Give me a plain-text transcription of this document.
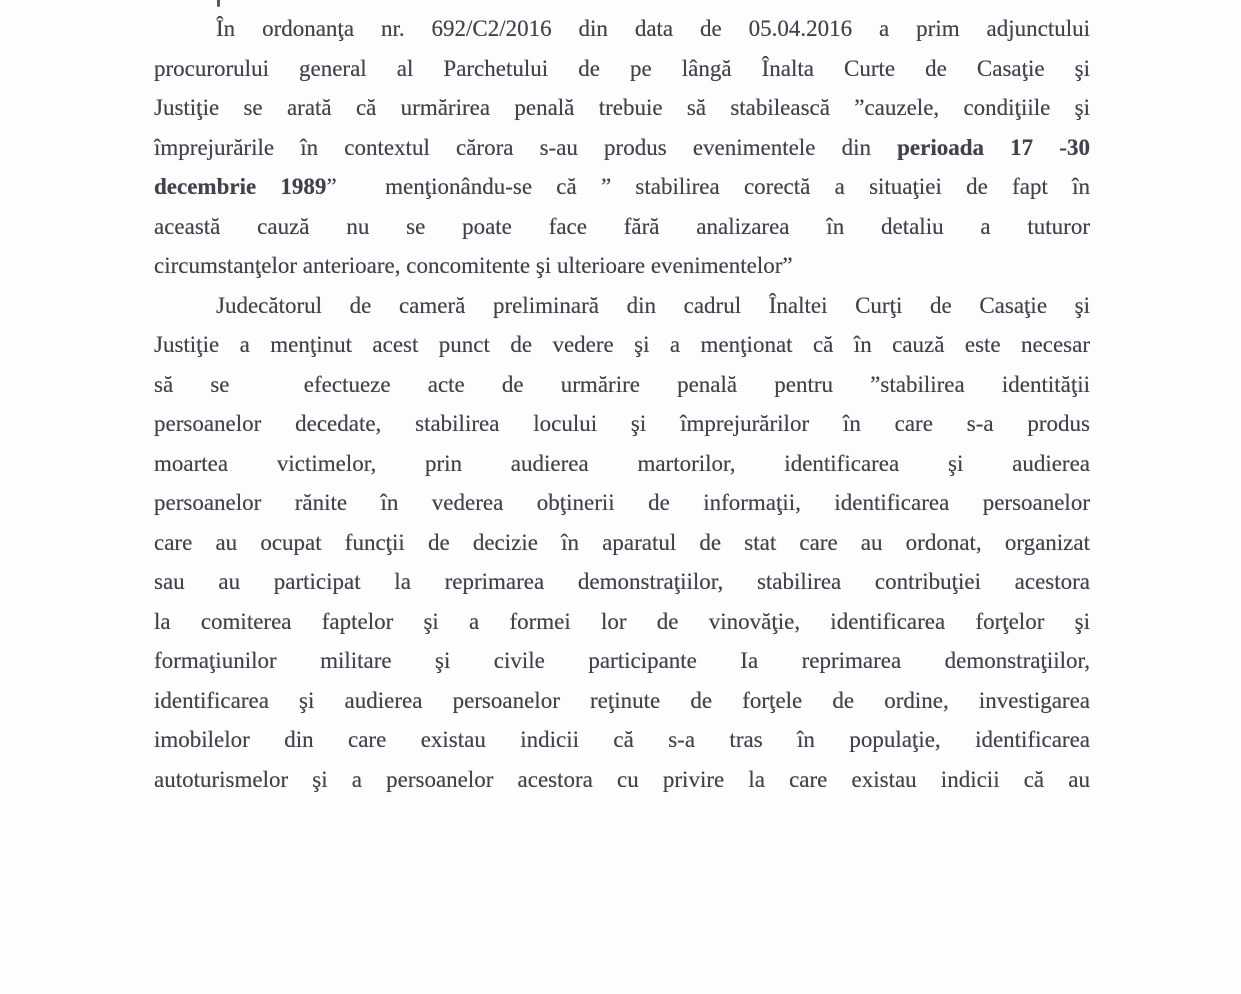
În ordonanţa nr. 692/C2/2016 din data de 05.04.2016 a prim adjunctului
procurorului general al Parchetului de pe lângă Înalta Curte de Casaţie şi
Justiţie se arată că urmărirea penală trebuie să stabilească ”cauzele, condiţiile şi
împrejurările în contextul cărora s-au produs evenimentele din perioada 17 -30
decembrie 1989”  menţionându-se că ” stabilirea corectă a situaţiei de fapt în
această cauză nu se poate face fără analizarea în detaliu a tuturor
circumstanţelor anterioare, concomitente şi ulterioare evenimentelor”
Judecătorul de cameră preliminară din cadrul Înaltei Curţi de Casaţie şi
Justiţie a menţinut acest punct de vedere şi a menţionat că în cauză este necesar
să se  efectueze acte de urmărire penală pentru ”stabilirea identităţii
persoanelor decedate, stabilirea locului şi împrejurărilor în care s-a produs
moartea victimelor, prin audierea martorilor, identificarea şi audierea
persoanelor rănite în vederea obţinerii de informaţii, identificarea persoanelor
care au ocupat funcţii de decizie în aparatul de stat care au ordonat, organizat
sau au participat la reprimarea demonstraţiilor, stabilirea contribuţiei acestora
la comiterea faptelor şi a formei lor de vinovăţie, identificarea forţelor şi
formaţiunilor militare şi civile participante Ia reprimarea demonstraţiilor,
identificarea şi audierea persoanelor reţinute de forţele de ordine, investigarea
imobilelor din care existau indicii că s-a tras în populaţie, identificarea
autoturismelor şi a persoanelor acestora cu privire la care existau indicii că au
